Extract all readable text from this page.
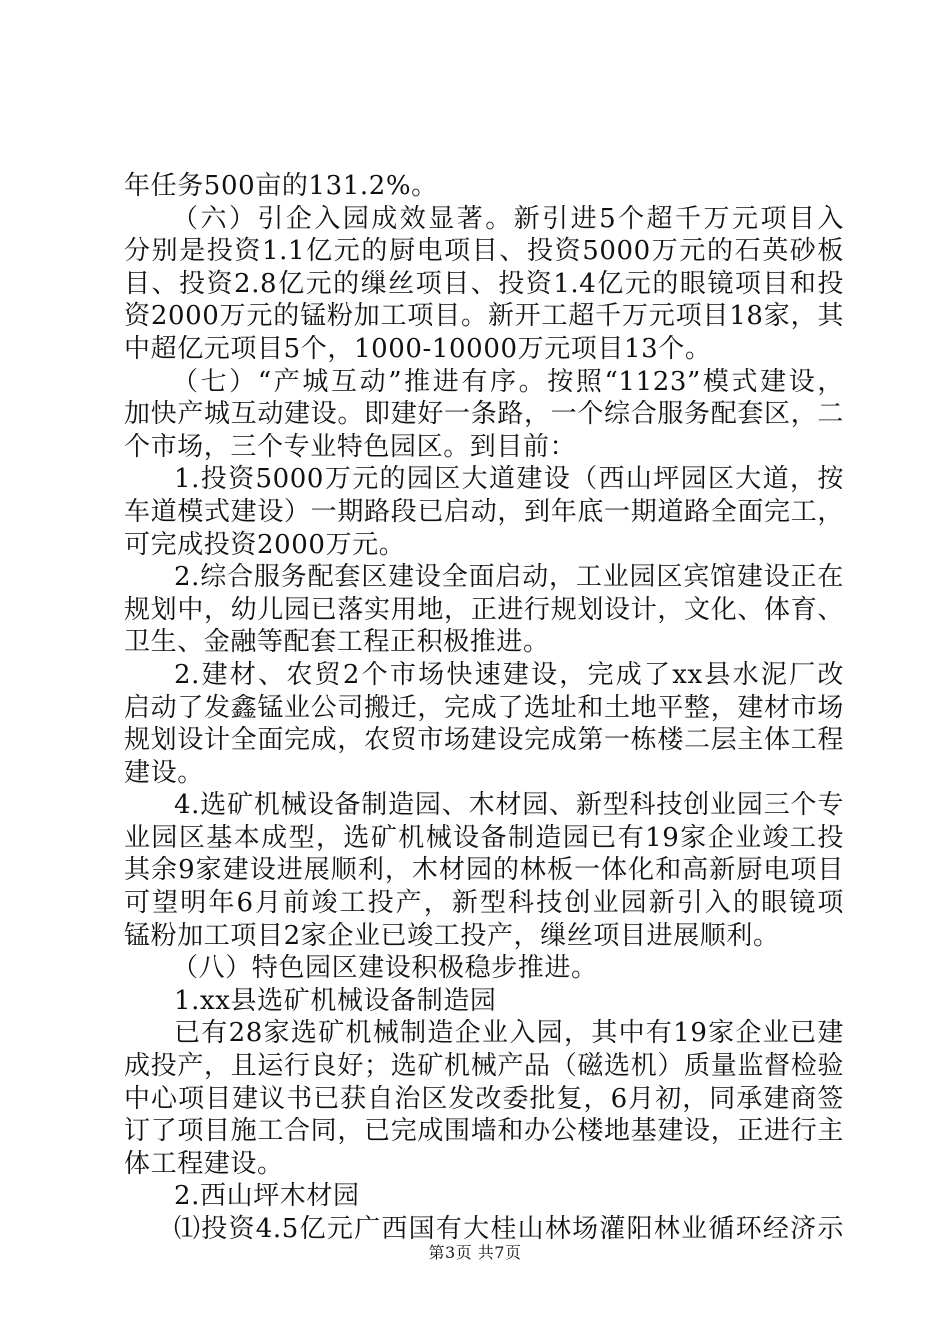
年任务500亩的131.2%。
（六）引企入园成效显著。新引进5个超千万元项目入
分别是投资1.1亿元的厨电项目、投资5000万元的石英砂板
目、投资2.8亿元的缫丝项目、投资1.4亿元的眼镜项目和投
资2000万元的锰粉加工项目。新开工超千万元项目18家，其
中超亿元项目5个，1000-10000万元项目13个。
（七）“产城互动”推进有序。按照“1123”模式建设，
加快产城互动建设。即建好一条路，一个综合服务配套区，二
个市场，三个专业特色园区。到目前：
1.投资5000万元的园区大道建设（西山坪园区大道，按
车道模式建设）一期路段已启动，到年底一期道路全面完工，
可完成投资2000万元。
2.综合服务配套区建设全面启动，工业园区宾馆建设正在
规划中，幼儿园已落实用地，正进行规划设计，文化、体育、
卫生、金融等配套工程正积极推进。
2.建材、农贸2个市场快速建设，完成了xx县水泥厂改
启动了发鑫锰业公司搬迁，完成了选址和土地平整，建材市场
规划设计全面完成，农贸市场建设完成第一栋楼二层主体工程
建设。
4.选矿机械设备制造园、木材园、新型科技创业园三个专
业园区基本成型，选矿机械设备制造园已有19家企业竣工投
其余9家建设进展顺利，木材园的林板一体化和高新厨电项目
可望明年6月前竣工投产，新型科技创业园新引入的眼镜项
锰粉加工项目2家企业已竣工投产，缫丝项目进展顺利。
（八）特色园区建设积极稳步推进。
1.xx县选矿机械设备制造园
已有28家选矿机械制造企业入园，其中有19家企业已建
成投产，且运行良好；选矿机械产品（磁选机）质量监督检验
中心项目建议书已获自治区发改委批复，6月初，同承建商签
订了项目施工合同，已完成围墙和办公楼地基建设，正进行主
体工程建设。
2.西山坪木材园
⑴投资4.5亿元广西国有大桂山林场灌阳林业循环经济示
第3页 共7页
